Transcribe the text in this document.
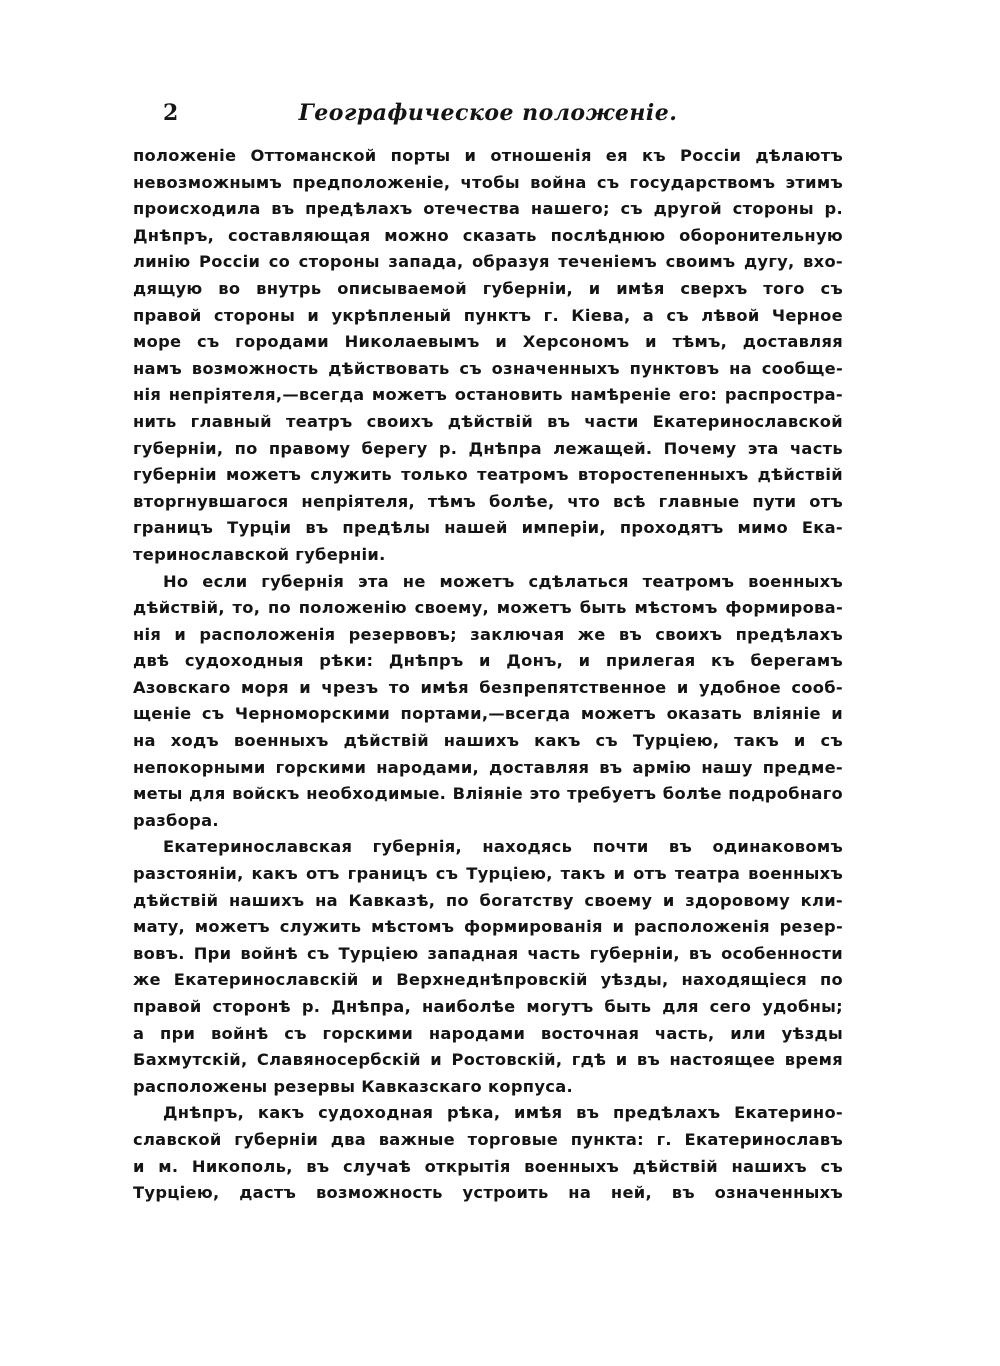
2	Географическое положеніе.
положеніе Оттоманской порты и отношенія ея къ Россіи дѣлаютъ
невозможнымъ предположеніе, чтобы война съ государствомъ этимъ
происходила въ предѣлахъ отечества нашего; съ другой стороны р.
Днѣпръ, составляющая можно сказать послѣднюю оборонительную
линію Россіи со стороны запада, образуя теченіемъ своимъ дугу, вхо-
дящую во внутрь описываемой губерніи, и имѣя сверхъ того съ
правой стороны и укрѣпленый пунктъ г. Кіева, а съ лѣвой Черное
море съ городами Николаевымъ и Херсономъ и тѣмъ, доставляя
намъ возможность дѣйствовать съ означенныхъ пунктовъ на сообще-
нія непріятеля,—всегда можетъ остановить намѣреніе его: распростра-
нить главный театръ своихъ дѣйствій въ части Екатеринославской
губерніи, по правому берегу р. Днѣпра лежащей. Почему эта часть
губерніи можетъ служить только театромъ второстепенныхъ дѣйствій
вторгнувшагося непріятеля, тѣмъ болѣе, что всѣ главные пути отъ
границъ Турціи въ предѣлы нашей имперіи, проходятъ мимо Ека-
теринославской губерніи.
Но если губернія эта не можетъ сдѣлаться театромъ военныхъ
дѣйствій, то, по положенію своему, можетъ быть мѣстомъ формирова-
нія и расположенія резервовъ; заключая же въ своихъ предѣлахъ
двѣ судоходныя рѣки: Днѣпръ и Донъ, и прилегая къ берегамъ
Азовскаго моря и чрезъ то имѣя безпрепятственное и удобное сооб-
щеніе съ Черноморскими портами,—всегда можетъ оказать вліяніе и
на ходъ военныхъ дѣйствій нашихъ какъ съ Турціею, такъ и съ
непокорными горскими народами, доставляя въ армію нашу предме-
меты для войскъ необходимые. Вліяніе это требуетъ болѣе подробнаго
разбора.
Екатеринославская губернія, находясь почти въ одинаковомъ
разстояніи, какъ отъ границъ съ Турціею, такъ и отъ театра военныхъ
дѣйствій нашихъ на Кавказѣ, по богатству своему и здоровому кли-
мату, можетъ служить мѣстомъ формированія и расположенія резер-
вовъ. При войнѣ съ Турціею западная часть губерніи, въ особенности
же Екатеринославскій и Верхнеднѣпровскій уѣзды, находящіеся по
правой сторонѣ р. Днѣпра, наиболѣе могутъ быть для сего удобны;
а при войнѣ съ горскими народами восточная часть, или уѣзды
Бахмутскій, Славяносербскій и Ростовскій, гдѣ и въ настоящее время
расположены резервы Кавказскаго корпуса.
Днѣпръ, какъ судоходная рѣка, имѣя въ предѣлахъ Екатерино-
славской губерніи два важные торговые пункта: г. Екатеринославъ
и м. Никополь, въ случаѣ открытія военныхъ дѣйствій нашихъ съ
Турціею, дастъ возможность устроить на ней, въ означенныхъ
